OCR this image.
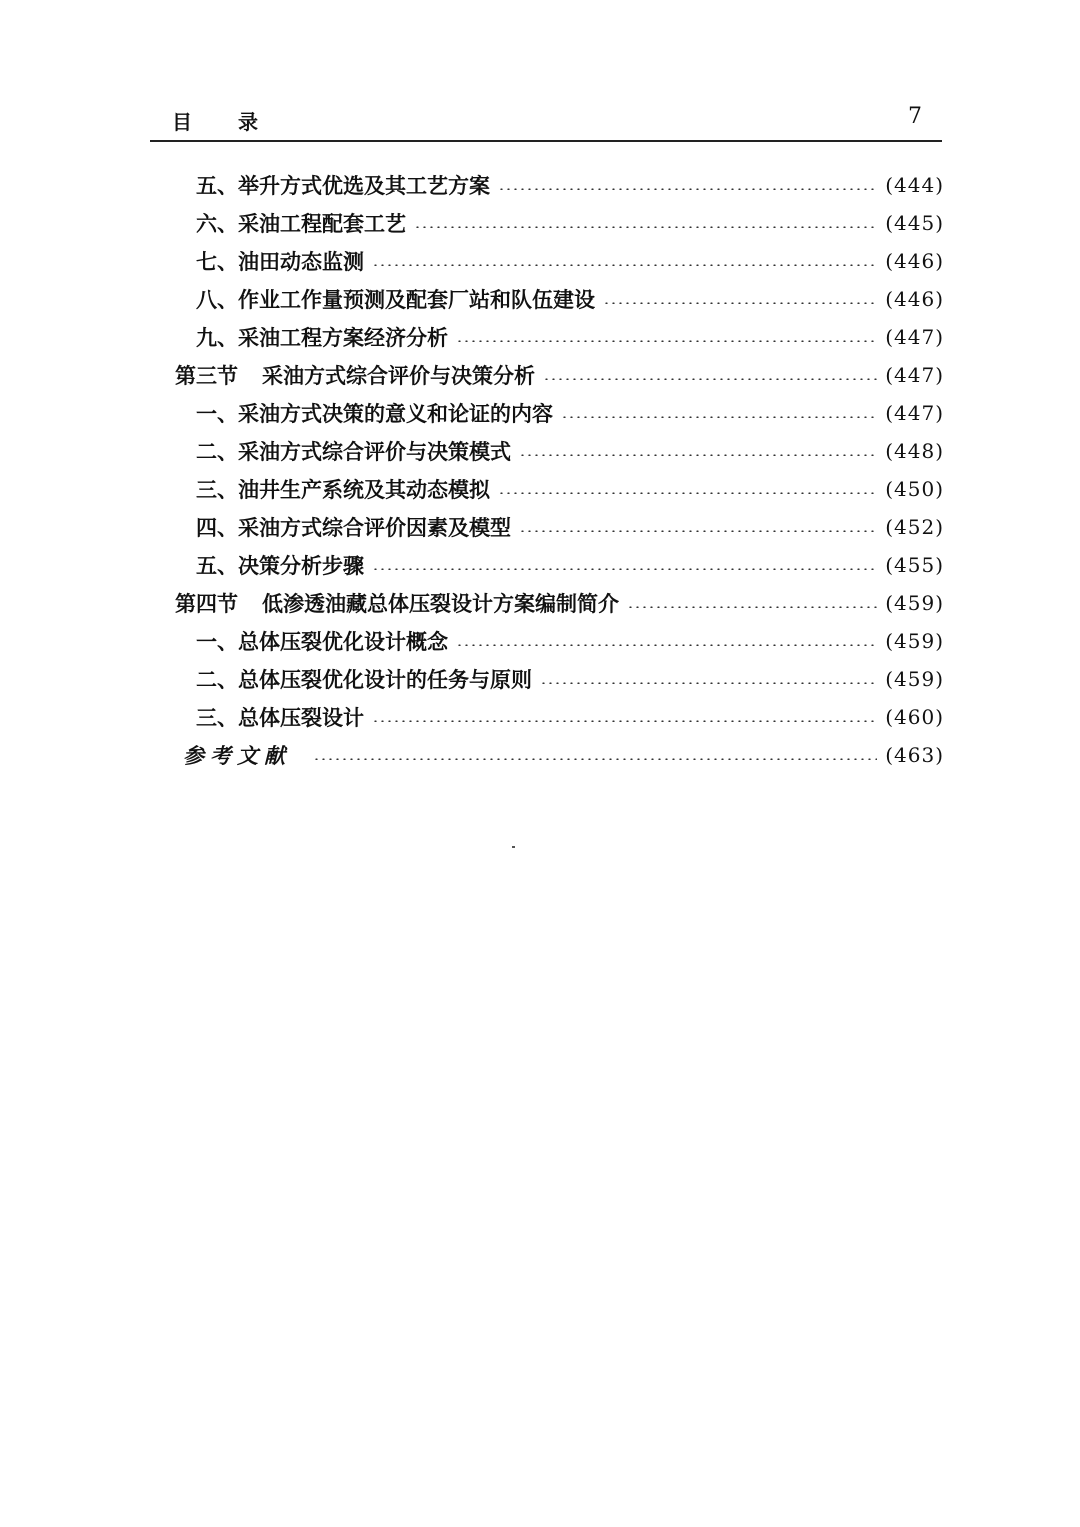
目录	7
五、举升方式优选及其工艺方案	(444)
六、采油工程配套工艺	(445)
七、油田动态监测	(446)
八、作业工作量预测及配套厂站和队伍建设	(446)
九、采油工程方案经济分析	(447)
第三节 采油方式综合评价与决策分析	(447)
一、采油方式决策的意义和论证的内容	(447)
二、采油方式综合评价与决策模式	(448)
三、油井生产系统及其动态模拟	(450)
四、采油方式综合评价因素及模型	(452)
五、决策分析步骤	(455)
第四节 低渗透油藏总体压裂设计方案编制简介	(459)
一、总体压裂优化设计概念	(459)
二、总体压裂优化设计的任务与原则	(459)
三、总体压裂设计	(460)
参考文献	(463)
